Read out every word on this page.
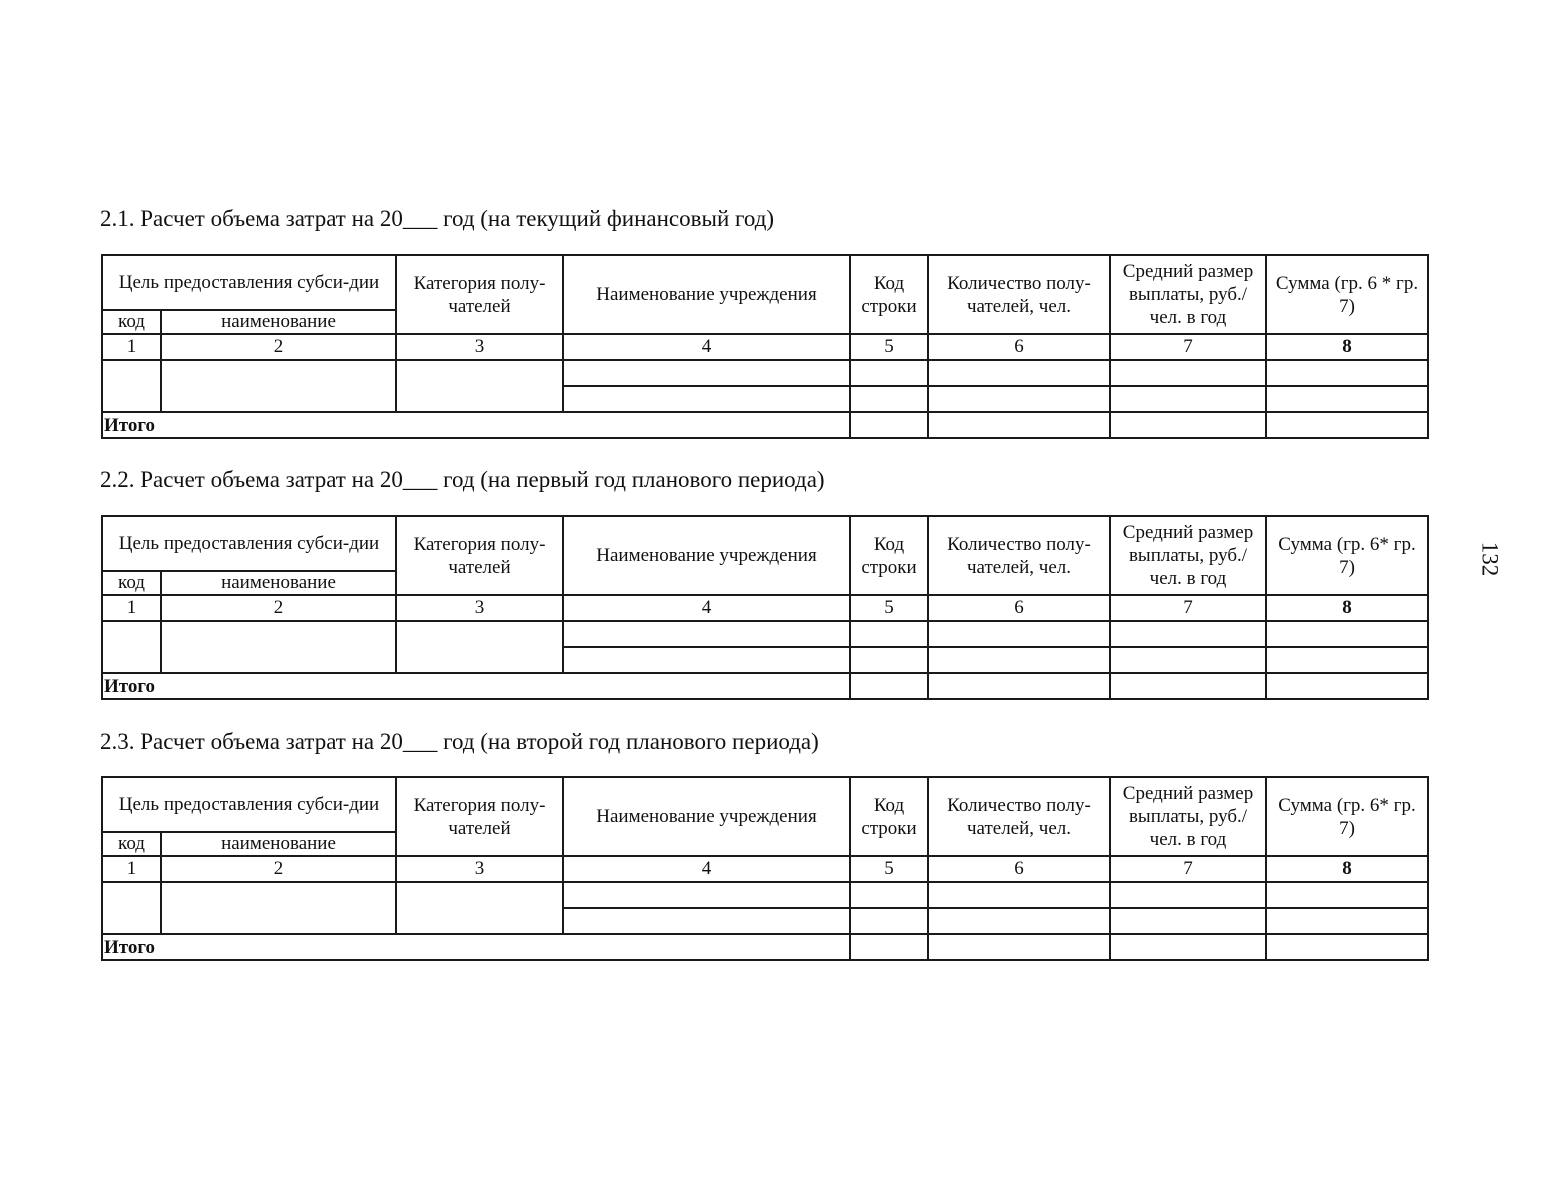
2.1. Расчет объема затрат на 20___ год (на текущий финансовый год)
Цель предоставления субси-дии		Категория полу-чателей	Наименование учреждения	Код строки	Количество полу-чателей, чел.	Средний размер выплаты, руб./чел. в год	Сумма (гр. 6 * гр. 7)
код	наименование						
1	2	3	4	5	6	7	8

Итого							
2.2. Расчет объема затрат на 20___ год (на первый год планового периода)
Цель предоставления субси-дии		Категория полу-чателей	Наименование учреждения	Код строки	Количество полу-чателей, чел.	Средний размер выплаты, руб./чел. в год	Сумма (гр. 6* гр. 7)
код	наименование						
1	2	3	4	5	6	7	8

Итого							
2.3. Расчет объема затрат на 20___ год (на второй год планового периода)
Цель предоставления субси-дии		Категория полу-чателей	Наименование учреждения	Код строки	Количество полу-чателей, чел.	Средний размер выплаты, руб./чел. в год	Сумма (гр. 6* гр. 7)
код	наименование						
1	2	3	4	5	6	7	8

Итого							
132
